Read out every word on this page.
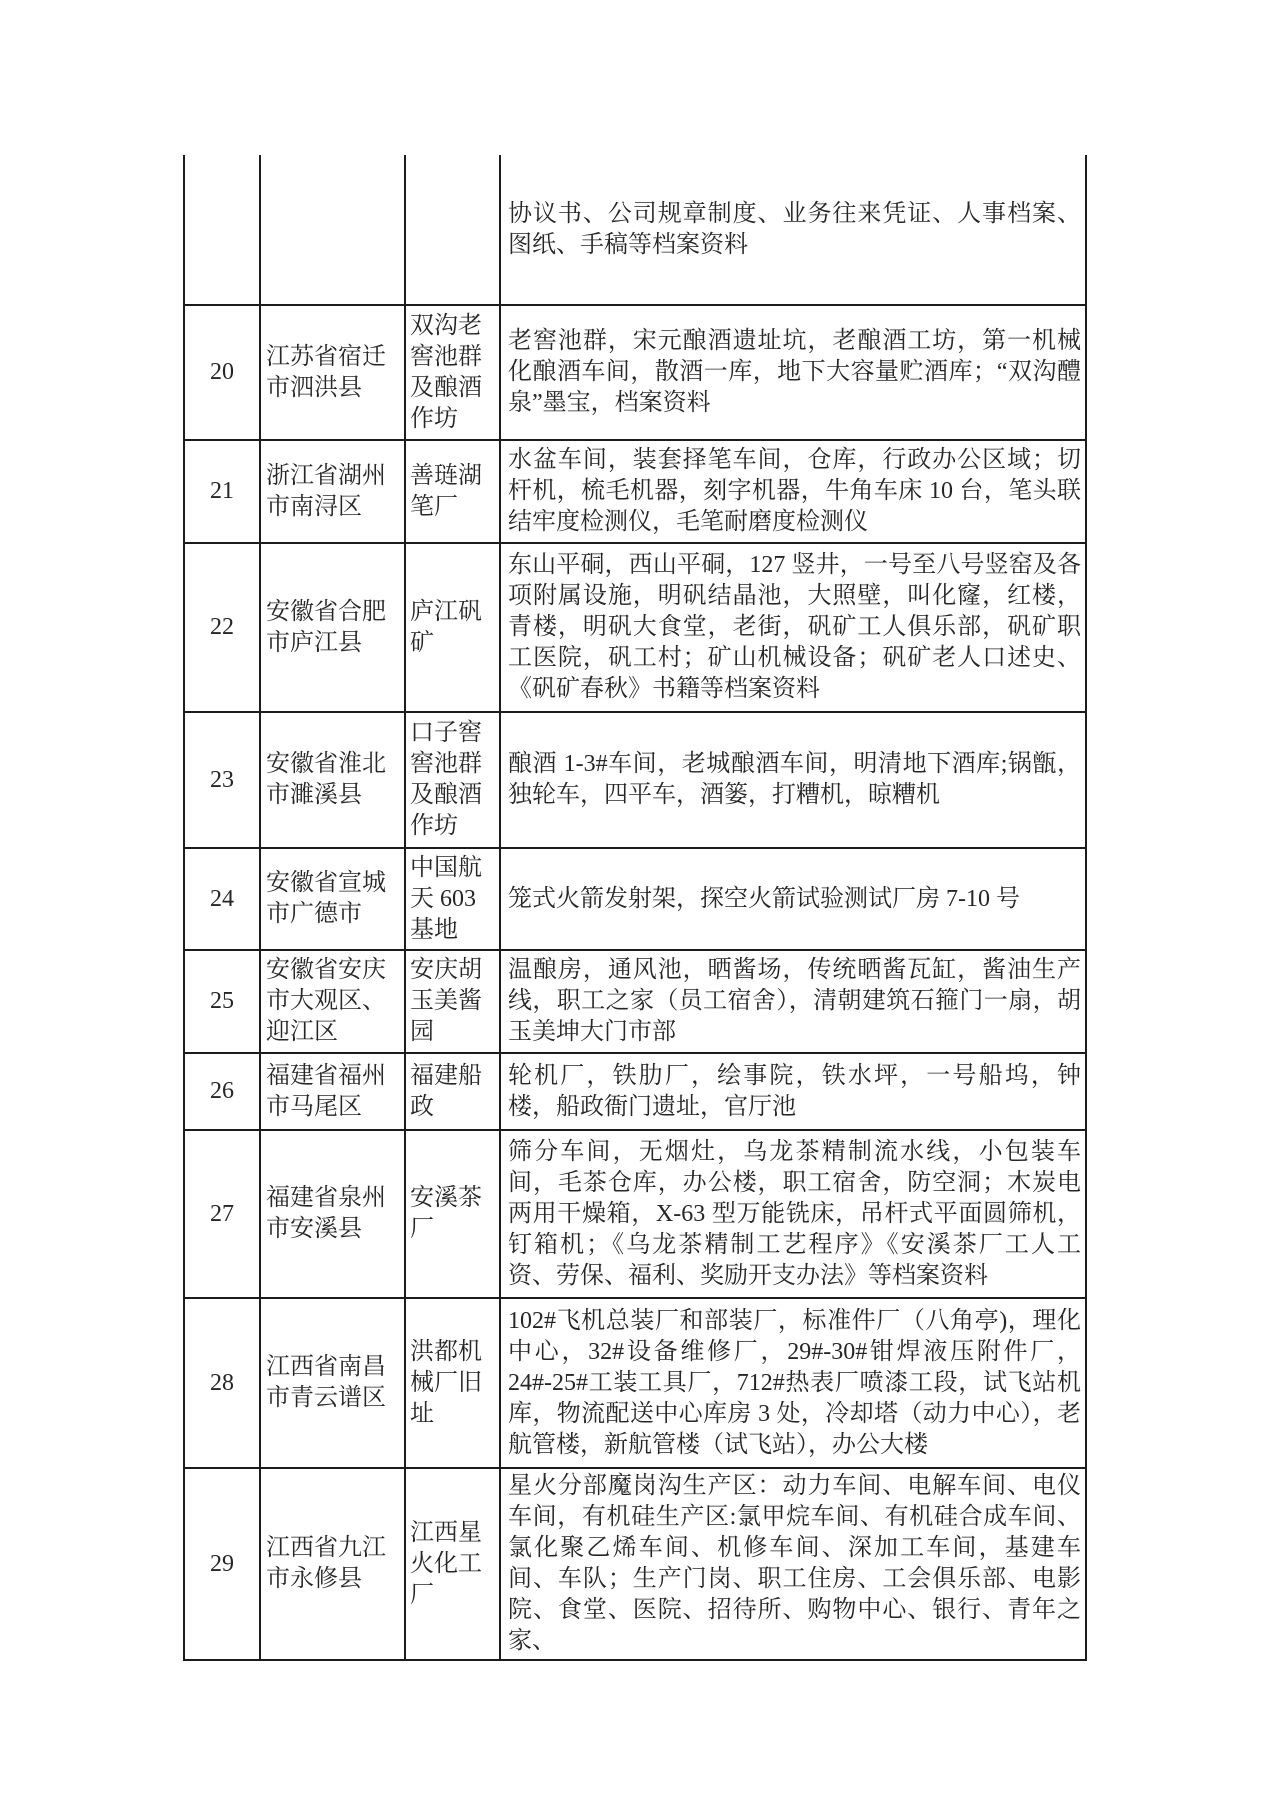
			协议书、公司规章制度、业务往来凭证、人事档案、图纸、手稿等档案资料
20	江苏省宿迁市泗洪县	双沟老窖池群及酿酒作坊	老窖池群，宋元酿酒遗址坑，老酿酒工坊，第一机械化酿酒车间，散酒一库，地下大容量贮酒库；“双沟醴泉”墨宝，档案资料
21	浙江省湖州市南浔区	善琏湖笔厂	水盆车间，装套择笔车间，仓库，行政办公区域；切杆机，梳毛机器，刻字机器，牛角车床 10 台，笔头联结牢度检测仪，毛笔耐磨度检测仪
22	安徽省合肥市庐江县	庐江矾矿	东山平硐，西山平硐，127 竖井，一号至八号竖窑及各项附属设施，明矾结晶池，大照壁，叫化窿，红楼，青楼，明矾大食堂，老街，矾矿工人俱乐部，矾矿职工医院，矾工村；矿山机械设备；矾矿老人口述史、《矾矿春秋》书籍等档案资料
23	安徽省淮北市濉溪县	口子窖窖池群及酿酒作坊	酿酒 1-3#车间，老城酿酒车间，明清地下酒库;锅甑，独轮车，四平车，酒篓，打糟机，晾糟机
24	安徽省宣城市广德市	中国航天 603 基地	笼式火箭发射架，探空火箭试验测试厂房 7-10 号
25	安徽省安庆市大观区、迎江区	安庆胡玉美酱园	温酿房，通风池，晒酱场，传统晒酱瓦缸，酱油生产线，职工之家（员工宿舍），清朝建筑石箍门一扇，胡玉美坤大门市部
26	福建省福州市马尾区	福建船政	轮机厂，铁肋厂，绘事院，铁水坪，一号船坞，钟楼，船政衙门遗址，官厅池
27	福建省泉州市安溪县	安溪茶厂	筛分车间，无烟灶，乌龙茶精制流水线，小包装车间，毛茶仓库，办公楼，职工宿舍，防空洞；木炭电两用干燥箱，X-63 型万能铣床，吊杆式平面圆筛机，钉箱机；《乌龙茶精制工艺程序》《安溪茶厂工人工资、劳保、福利、奖励开支办法》等档案资料
28	江西省南昌市青云谱区	洪都机械厂旧址	102#飞机总装厂和部装厂，标准件厂（八角亭)，理化中心，32#设备维修厂，29#-30#钳焊液压附件厂，24#-25#工装工具厂，712#热表厂喷漆工段，试飞站机库，物流配送中心库房 3 处，冷却塔（动力中心），老航管楼，新航管楼（试飞站），办公大楼
29	江西省九江市永修县	江西星火化工厂	星火分部魔岗沟生产区：动力车间、电解车间、电仪车间，有机硅生产区:氯甲烷车间、有机硅合成车间、氯化聚乙烯车间、机修车间、深加工车间，基建车间、车队；生产门岗、职工住房、工会俱乐部、电影院、食堂、医院、招待所、购物中心、银行、青年之家、
